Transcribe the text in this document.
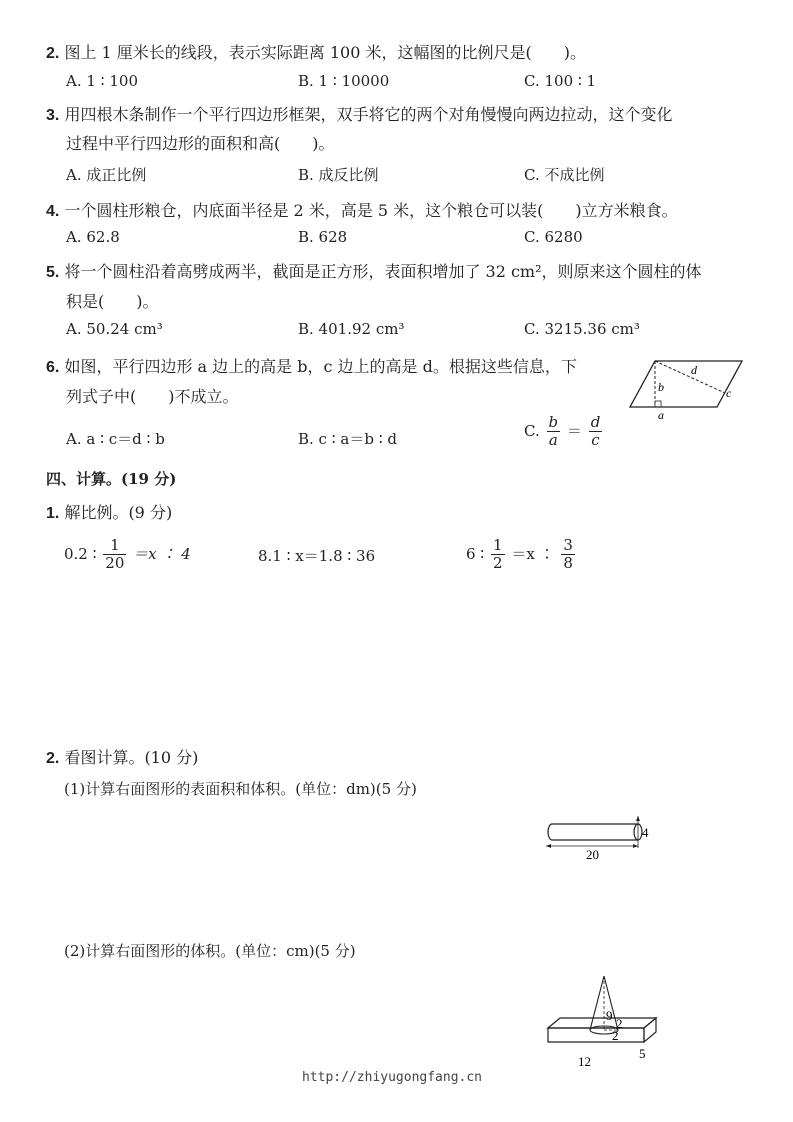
2. 图上 1 厘米长的线段，表示实际距离 100 米，这幅图的比例尺是(　　)。
A. 1 ∶ 100	B. 1 ∶ 10000	C. 100 ∶ 1
3. 用四根木条制作一个平行四边形框架，双手将它的两个对角慢慢向两边拉动，这个变化
过程中平行四边形的面积和高(　　)。
A. 成正比例	B. 成反比例	C. 不成比例
4. 一个圆柱形粮仓，内底面半径是 2 米，高是 5 米，这个粮仓可以装(　　)立方米粮食。
A. 62.8	B. 628	C. 6280
5. 将一个圆柱沿着高劈成两半，截面是正方形，表面积增加了 32 cm²，则原来这个圆柱的体
积是(　　)。
A. 50.24 cm³	B. 401.92 cm³	C. 3215.36 cm³
6. 如图，平行四边形 a 边上的高是 b，c 边上的高是 d。根据这些信息，下
列式子中(　　)不成立。
A. a ∶ c＝d ∶ b	B. c ∶ a＝b ∶ d	C. $\frac{b}{a} = \frac{d}{c}$
b
d
c
a
四、计算。(19 分)
1. 解比例。(9 分)
0.2 ∶ $\frac{1}{20} =x$ ∶ 4	8.1 ∶ x＝1.8 ∶ 36	6 ∶ $\frac{1}{2} =x$ ∶ $\frac{3}{8}$
2. 看图计算。(10 分)
(1)计算右面图形的表面积和体积。(单位：dm)(5 分)
20
4
(2)计算右面图形的体积。(单位：cm)(5 分)
9
2
2
5
12
http://zhiyugongfang.cn
